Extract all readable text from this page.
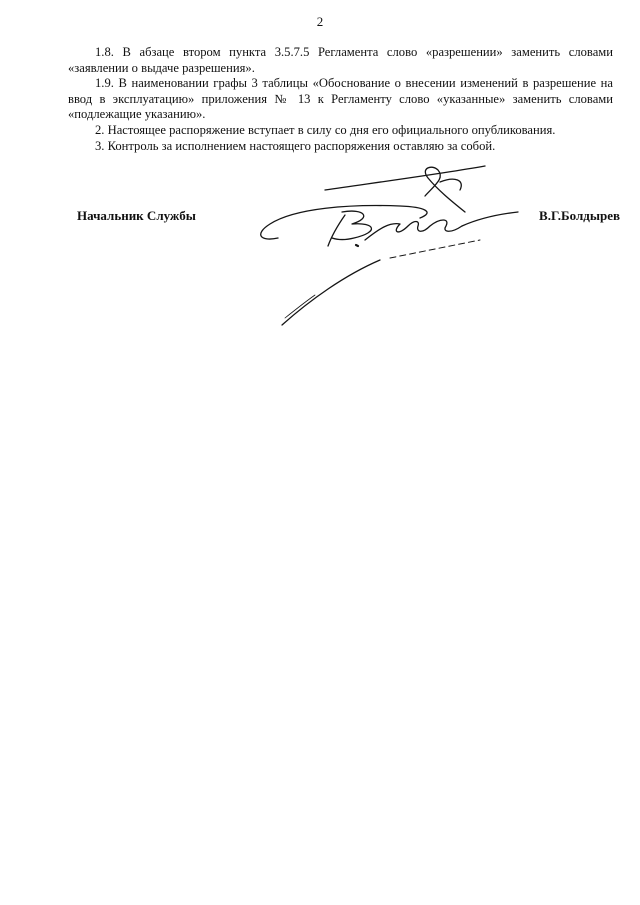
2

1.8. В абзаце втором пункта 3.5.7.5 Регламента слово «разрешении» заменить словами «заявлении о выдаче разрешения».

1.9. В наименовании графы 3 таблицы «Обоснование о внесении изменений в разрешение на ввод в эксплуатацию» приложения № 13 к Регламенту слово «указанные» заменить словами «подлежащие указанию».

2. Настоящее распоряжение вступает в силу со дня его официального опубликования.

3. Контроль за исполнением настоящего распоряжения оставляю за собой.

Начальник Службы	В.Г.Болдырев
